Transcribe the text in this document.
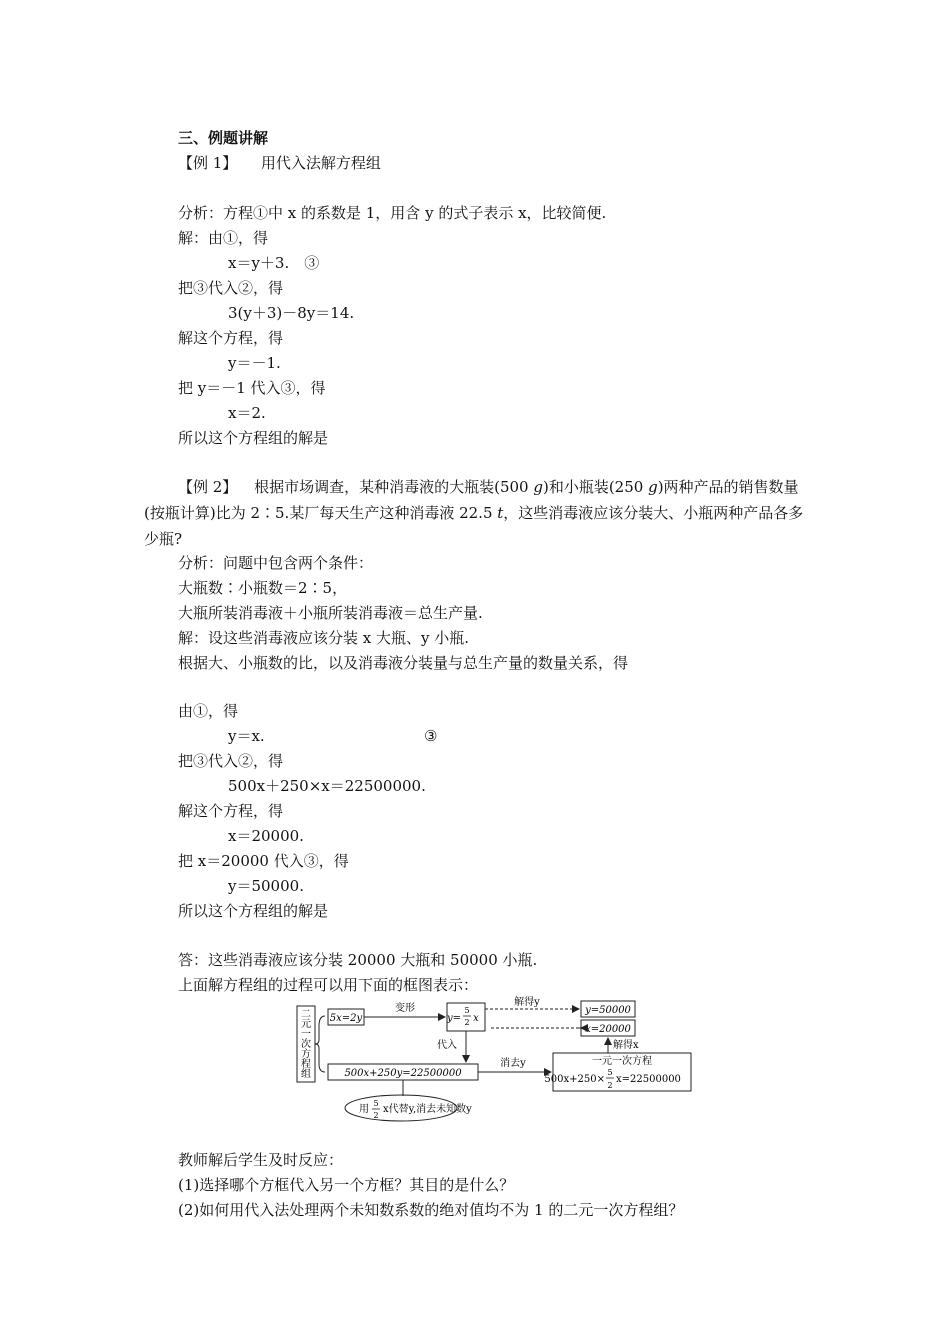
三、例题讲解
【例 1】 用代入法解方程组
分析：方程①中 x 的系数是 1，用含 y 的式子表示 x，比较简便.
解：由①，得
x＝y＋3.　③
把③代入②，得
3(y＋3)－8y＝14.
解这个方程，得
y＝－1.
把 y＝－1 代入③，得
x＝2.
所以这个方程组的解是
【例 2】 根据市场调查，某种消毒液的大瓶装(500 g)和小瓶装(250 g)两种产品的销售数量(按瓶计算)比为 2∶5.某厂每天生产这种消毒液 22.5 t，这些消毒液应该分装大、小瓶两种产品各多少瓶?
分析：问题中包含两个条件：
大瓶数∶小瓶数＝2∶5，
大瓶所装消毒液＋小瓶所装消毒液＝总生产量.
解：设这些消毒液应该分装 x 大瓶、y 小瓶.
根据大、小瓶数的比，以及消毒液分装量与总生产量的数量关系，得
由①，得
y＝x.	③
把③代入②，得
500x＋250×x＝22500000.
解这个方程，得
x＝20000.
把 x＝20000 代入③，得
y＝50000.
所以这个方程组的解是
答：这些消毒液应该分装 20000 大瓶和 50000 小瓶.
上面解方程组的过程可以用下面的框图表示：
二
元
一
次
方
程
组
5x=2y
变形
y=
5
2 x
解得y
y=50000
x=20000
解得x
代入
500x+250y=22500000
消去y	一元一次方程
500x+250×
5
2
x=22500000
用
5
2
x代替y,消去未知数y
教师解后学生及时反应：
(1)选择哪个方框代入另一个方框？其目的是什么？
(2)如何用代入法处理两个未知数系数的绝对值均不为 1 的二元一次方程组？
